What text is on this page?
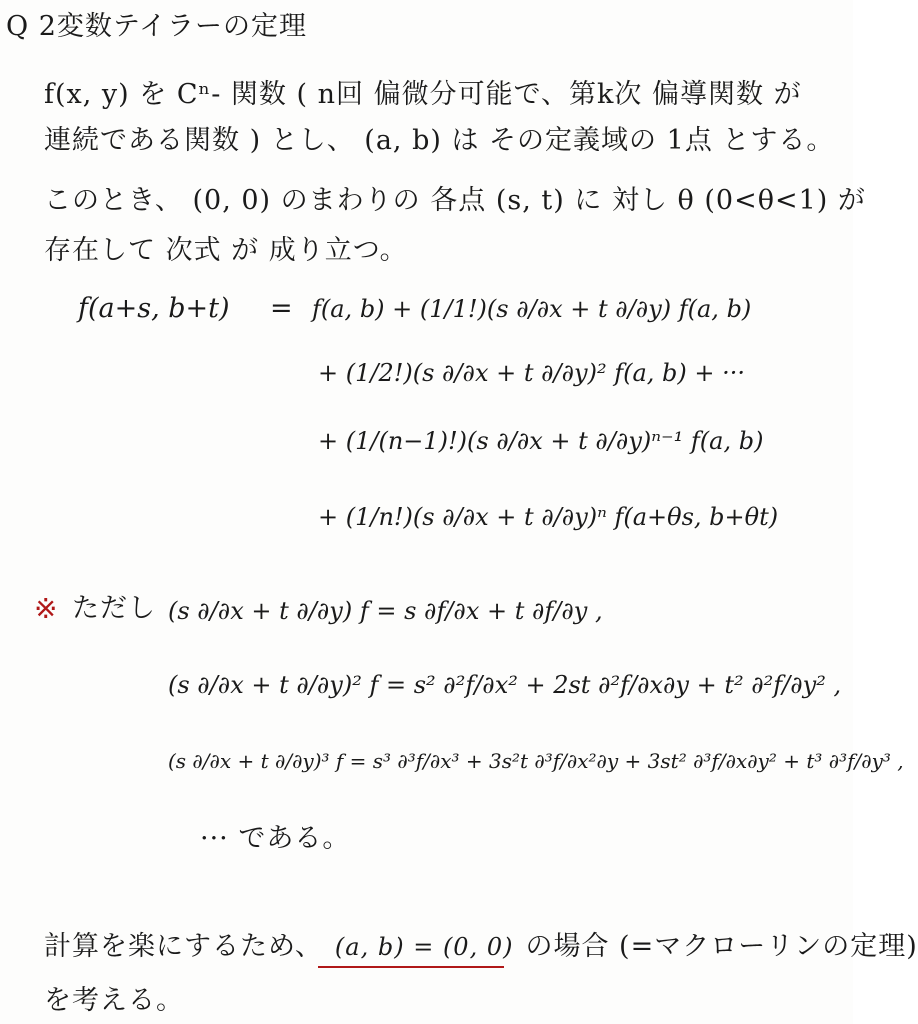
Q 2変数テイラーの定理
f(x, y) を Cⁿ- 関数 ( n回 偏微分可能で、第k次 偏導関数 が
連続である関数 ) とし、 (a, b) は その定義域の 1点 とする。
このとき、 (0, 0) のまわりの 各点 (s, t) に 対し θ (0<θ<1) が
存在して 次式 が 成り立つ。
f(a+s, b+t) = f(a, b) + (1/1!)(s ∂/∂x + t ∂/∂y) f(a, b)
+ (1/2!)(s ∂/∂x + t ∂/∂y)² f(a, b) + ···
+ (1/(n−1)!)(s ∂/∂x + t ∂/∂y)ⁿ⁻¹ f(a, b)
+ (1/n!)(s ∂/∂x + t ∂/∂y)ⁿ f(a+θs, b+θt)
※ ただし (s ∂/∂x + t ∂/∂y) f = s ∂f/∂x + t ∂f/∂y ,
(s ∂/∂x + t ∂/∂y)² f = s² ∂²f/∂x² + 2st ∂²f/∂x∂y + t² ∂²f/∂y² ,
(s ∂/∂x + t ∂/∂y)³ f = s³ ∂³f/∂x³ + 3s²t ∂³f/∂x²∂y + 3st² ∂³f/∂x∂y² + t³ ∂³f/∂y³ ,
··· である。
計算を楽にするため、 (a, b) = (0, 0) の場合 (=マクローリンの定理)
を考える。
